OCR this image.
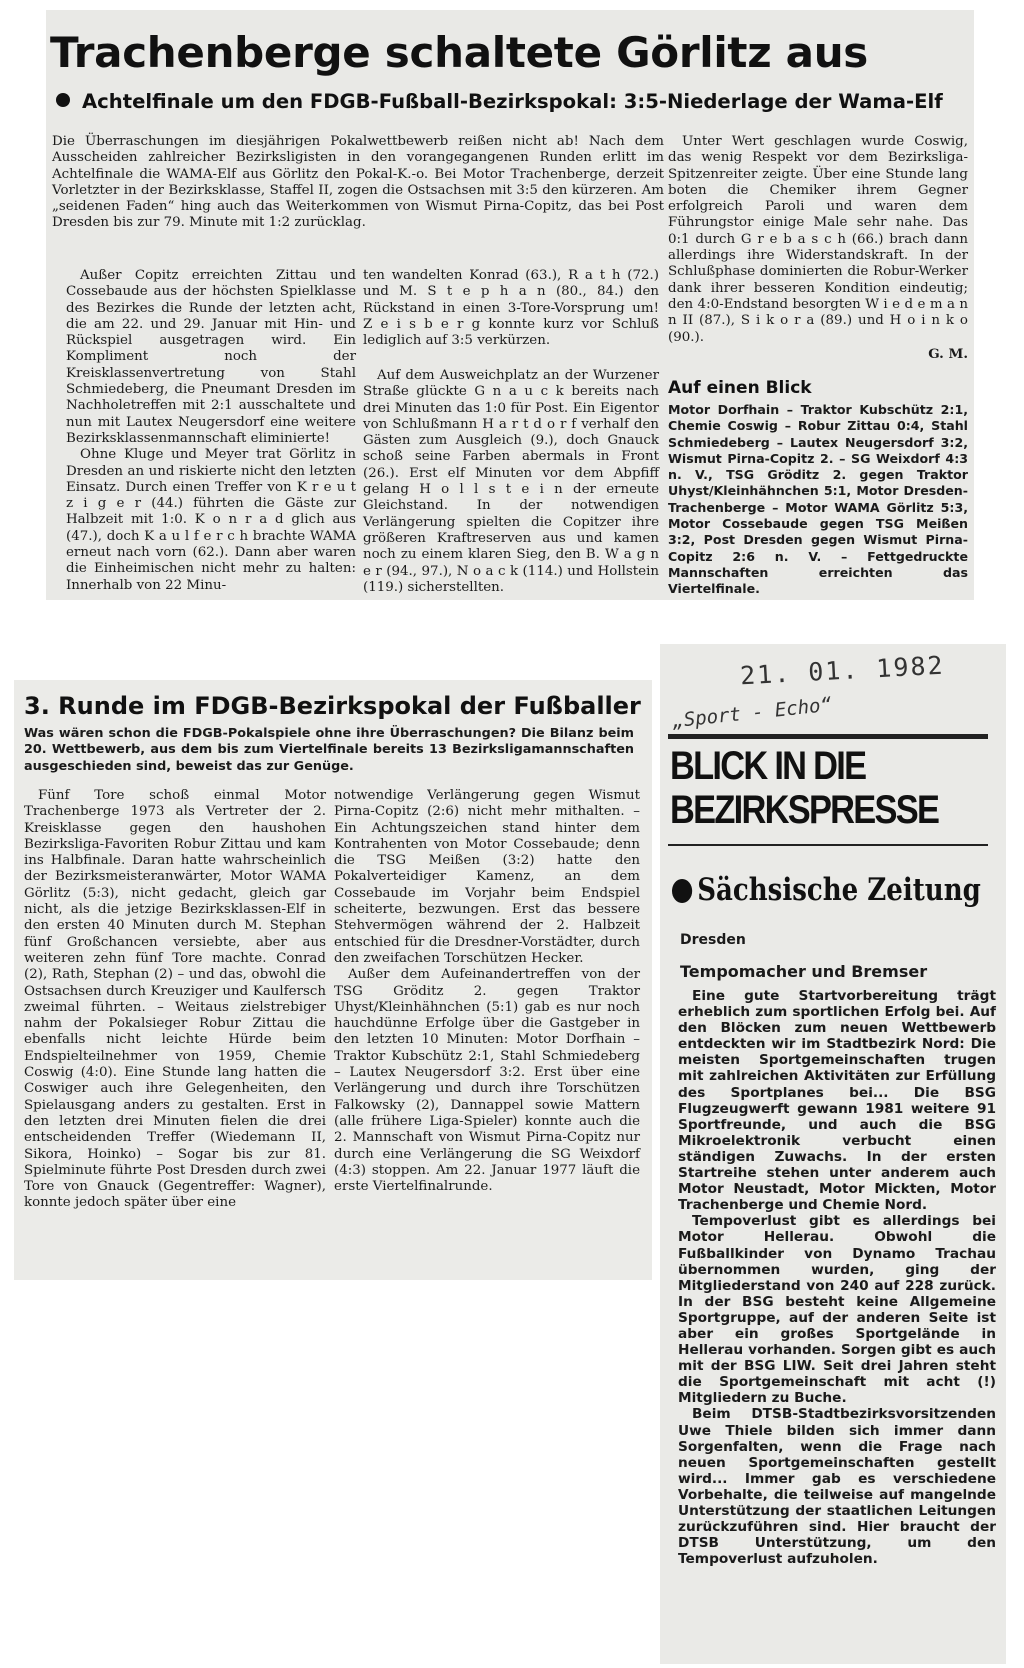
Trachenberge schaltete Görlitz aus
Achtelfinale um den FDGB-Fußball-Bezirkspokal: 3:5-Niederlage der Wama-Elf

Die Überraschungen im diesjährigen Pokalwettbewerb reißen nicht ab! Nach dem Ausscheiden zahlreicher Bezirksligisten in den vorangegangenen Runden erlitt im Achtelfinale die WAMA-Elf aus Görlitz den Pokal-K.-o. Bei Motor Trachenberge, derzeit Vorletzter in der Bezirksklasse, Staffel II, zogen die Ostsachsen mit 3:5 den kürzeren. Am „seidenen Faden“ hing auch das Weiterkommen von Wismut Pirna-Copitz, das bei Post Dresden bis zur 79. Minute mit 1:2 zurücklag.

Außer Copitz erreichten Zittau und Cossebaude aus der höchsten Spielklasse des Bezirkes die Runde der letzten acht, die am 22. und 29. Januar mit Hin- und Rückspiel ausgetragen wird. Ein Kompliment noch der Kreisklassenvertretung von Stahl Schmiedeberg, die Pneumant Dresden im Nachholetreffen mit 2:1 ausschaltete und nun mit Lautex Neugersdorf eine weitere Bezirksklassenmannschaft eliminierte!

Ohne Kluge und Meyer trat Görlitz in Dresden an und riskierte nicht den letzten Einsatz. Durch einen Treffer von K r e u t z i g e r (44.) führten die Gäste zur Halbzeit mit 1:0. K o n r a d glich aus (47.), doch K a u l f e r c h brachte WAMA erneut nach vorn (62.). Dann aber waren die Einheimischen nicht mehr zu halten: Innerhalb von 22 Minu-

ten wandelten Konrad (63.), R a t h (72.) und M. S t e p h a n (80., 84.) den Rückstand in einen 3-Tore-Vorsprung um! Z e i s b e r g konnte kurz vor Schluß lediglich auf 3:5 verkürzen.

Auf dem Ausweichplatz an der Wurzener Straße glückte G n a u c k bereits nach drei Minuten das 1:0 für Post. Ein Eigentor von Schlußmann H a r t d o r f verhalf den Gästen zum Ausgleich (9.), doch Gnauck schoß seine Farben abermals in Front (26.). Erst elf Minuten vor dem Abpfiff gelang H o l l s t e i n der erneute Gleichstand. In der notwendigen Verlängerung spielten die Copitzer ihre größeren Kraftreserven aus und kamen noch zu einem klaren Sieg, den B. W a g n e r (94., 97.), N o a c k (114.) und Hollstein (119.) sicherstellten.

Unter Wert geschlagen wurde Coswig, das wenig Respekt vor dem Bezirksliga-Spitzenreiter zeigte. Über eine Stunde lang boten die Chemiker ihrem Gegner erfolgreich Paroli und waren dem Führungstor einige Male sehr nahe. Das 0:1 durch G r e b a s c h (66.) brach dann allerdings ihre Widerstandskraft. In der Schlußphase dominierten die Robur-Werker dank ihrer besseren Kondition eindeutig; den 4:0-Endstand besorgten W i e d e m a n n II (87.), S i k o r a (89.) und H o i n k o (90.).

G. M.

Auf einen Blick

Motor Dorfhain – Traktor Kubschütz 2:1, Chemie Coswig – Robur Zittau 0:4, Stahl Schmiedeberg – Lautex Neugersdorf 3:2, Wismut Pirna-Copitz 2. – SG Weixdorf 4:3 n. V., TSG Gröditz 2. gegen Traktor Uhyst/Kleinhähnchen 5:1, Motor Dresden-Trachenberge – Motor WAMA Görlitz 5:3, Motor Cossebaude gegen TSG Meißen 3:2, Post Dresden gegen Wismut Pirna-Copitz 2:6 n. V. – Fettgedruckte Mannschaften erreichten das Viertelfinale.

3. Runde im FDGB-Bezirkspokal der Fußballer

Was wären schon die FDGB-Pokalspiele ohne ihre Überraschungen? Die Bilanz beim 20. Wettbewerb, aus dem bis zum Viertelfinale bereits 13 Bezirksligamannschaften ausgeschieden sind, beweist das zur Genüge.

Fünf Tore schoß einmal Motor Trachenberge 1973 als Vertreter der 2. Kreisklasse gegen den haushohen Bezirksliga-Favoriten Robur Zittau und kam ins Halbfinale. Daran hatte wahrscheinlich der Bezirksmeisteranwärter, Motor WAMA Görlitz (5:3), nicht gedacht, gleich gar nicht, als die jetzige Bezirksklassen-Elf in den ersten 40 Minuten durch M. Stephan fünf Großchancen versiebte, aber aus weiteren zehn fünf Tore machte. Conrad (2), Rath, Stephan (2) – und das, obwohl die Ostsachsen durch Kreuziger und Kaulfersch zweimal führten. – Weitaus zielstrebiger nahm der Pokalsieger Robur Zittau die ebenfalls nicht leichte Hürde beim Endspielteilnehmer von 1959, Chemie Coswig (4:0). Eine Stunde lang hatten die Coswiger auch ihre Gelegenheiten, den Spielausgang anders zu gestalten. Erst in den letzten drei Minuten fielen die drei entscheidenden Treffer (Wiedemann II, Sikora, Hoinko) – Sogar bis zur 81. Spielminute führte Post Dresden durch zwei Tore von Gnauck (Gegentreffer: Wagner), konnte jedoch später über eine

notwendige Verlängerung gegen Wismut Pirna-Copitz (2:6) nicht mehr mithalten. – Ein Achtungszeichen stand hinter dem Kontrahenten von Motor Cossebaude; denn die TSG Meißen (3:2) hatte den Pokalverteidiger Kamenz, an dem Cossebaude im Vorjahr beim Endspiel scheiterte, bezwungen. Erst das bessere Stehvermögen während der 2. Halbzeit entschied für die Dresdner-Vorstädter, durch den zweifachen Torschützen Hecker.

Außer dem Aufeinandertreffen von der TSG Gröditz 2. gegen Traktor Uhyst/Kleinhähnchen (5:1) gab es nur noch hauchdünne Erfolge über die Gastgeber in den letzten 10 Minuten: Motor Dorfhain – Traktor Kubschütz 2:1, Stahl Schmiedeberg – Lautex Neugersdorf 3:2. Erst über eine Verlängerung und durch ihre Torschützen Falkowsky (2), Dannappel sowie Mattern (alle frühere Liga-Spieler) konnte auch die 2. Mannschaft von Wismut Pirna-Copitz nur durch eine Verlängerung die SG Weixdorf (4:3) stoppen. Am 22. Januar 1977 läuft die erste Viertelfinalrunde.

21. 01. 1982
„Sport - Echo“
BLICK IN DIE
BEZIRKSPRESSE
Sächsische Zeitung
Dresden
Tempomacher und Bremser

Eine gute Startvorbereitung trägt erheblich zum sportlichen Erfolg bei. Auf den Blöcken zum neuen Wettbewerb entdeckten wir im Stadtbezirk Nord: Die meisten Sportgemeinschaften trugen mit zahlreichen Aktivitäten zur Erfüllung des Sportplanes bei... Die BSG Flugzeugwerft gewann 1981 weitere 91 Sportfreunde, und auch die BSG Mikroelektronik verbucht einen ständigen Zuwachs. In der ersten Startreihe stehen unter anderem auch Motor Neustadt, Motor Mickten, Motor Trachenberge und Chemie Nord.

Tempoverlust gibt es allerdings bei Motor Hellerau. Obwohl die Fußballkinder von Dynamo Trachau übernommen wurden, ging der Mitgliederstand von 240 auf 228 zurück. In der BSG besteht keine Allgemeine Sportgruppe, auf der anderen Seite ist aber ein großes Sportgelände in Hellerau vorhanden. Sorgen gibt es auch mit der BSG LIW. Seit drei Jahren steht die Sportgemeinschaft mit acht (!) Mitgliedern zu Buche.

Beim DTSB-Stadtbezirksvorsitzenden Uwe Thiele bilden sich immer dann Sorgenfalten, wenn die Frage nach neuen Sportgemeinschaften gestellt wird... Immer gab es verschiedene Vorbehalte, die teilweise auf mangelnde Unterstützung der staatlichen Leitungen zurückzuführen sind. Hier braucht der DTSB Unterstützung, um den Tempoverlust aufzuholen.
